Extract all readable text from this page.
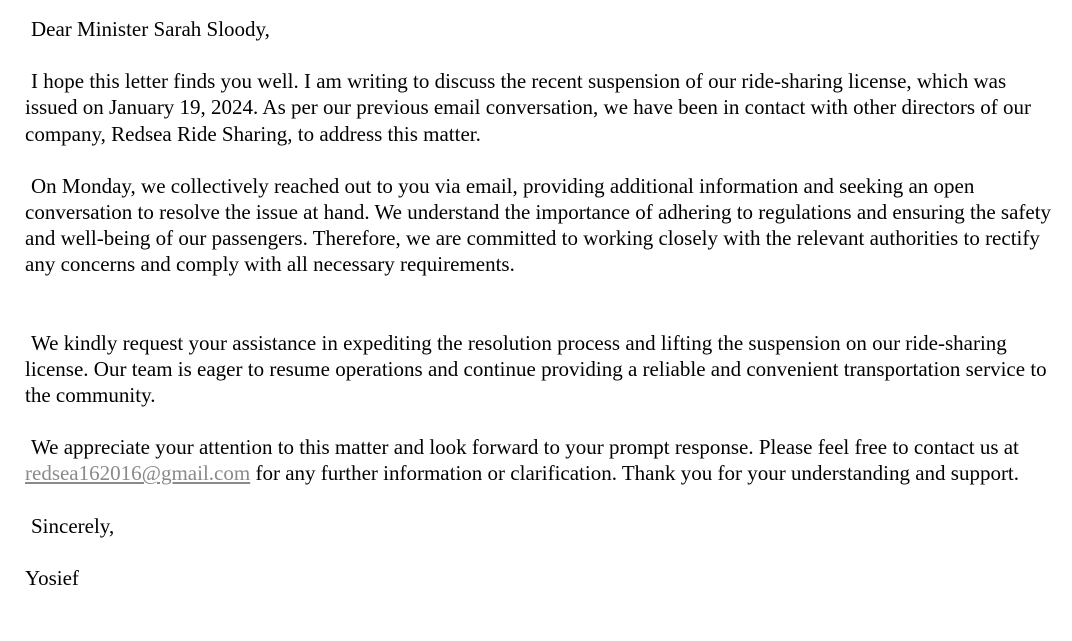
Dear Minister Sarah Sloody,

I hope this letter finds you well. I am writing to discuss the recent suspension of our ride-sharing license, which was issued on January 19, 2024. As per our previous email conversation, we have been in contact with other directors of our company, Redsea Ride Sharing, to address this matter.

On Monday, we collectively reached out to you via email, providing additional information and seeking an open conversation to resolve the issue at hand. We understand the importance of adhering to regulations and ensuring the safety and well-being of our passengers. Therefore, we are committed to working closely with the relevant authorities to rectify any concerns and comply with all necessary requirements.

We kindly request your assistance in expediting the resolution process and lifting the suspension on our ride-sharing license. Our team is eager to resume operations and continue providing a reliable and convenient transportation service to the community.

We appreciate your attention to this matter and look forward to your prompt response. Please feel free to contact us at redsea162016@gmail.com for any further information or clarification. Thank you for your understanding and support.

Sincerely,

Yosief
